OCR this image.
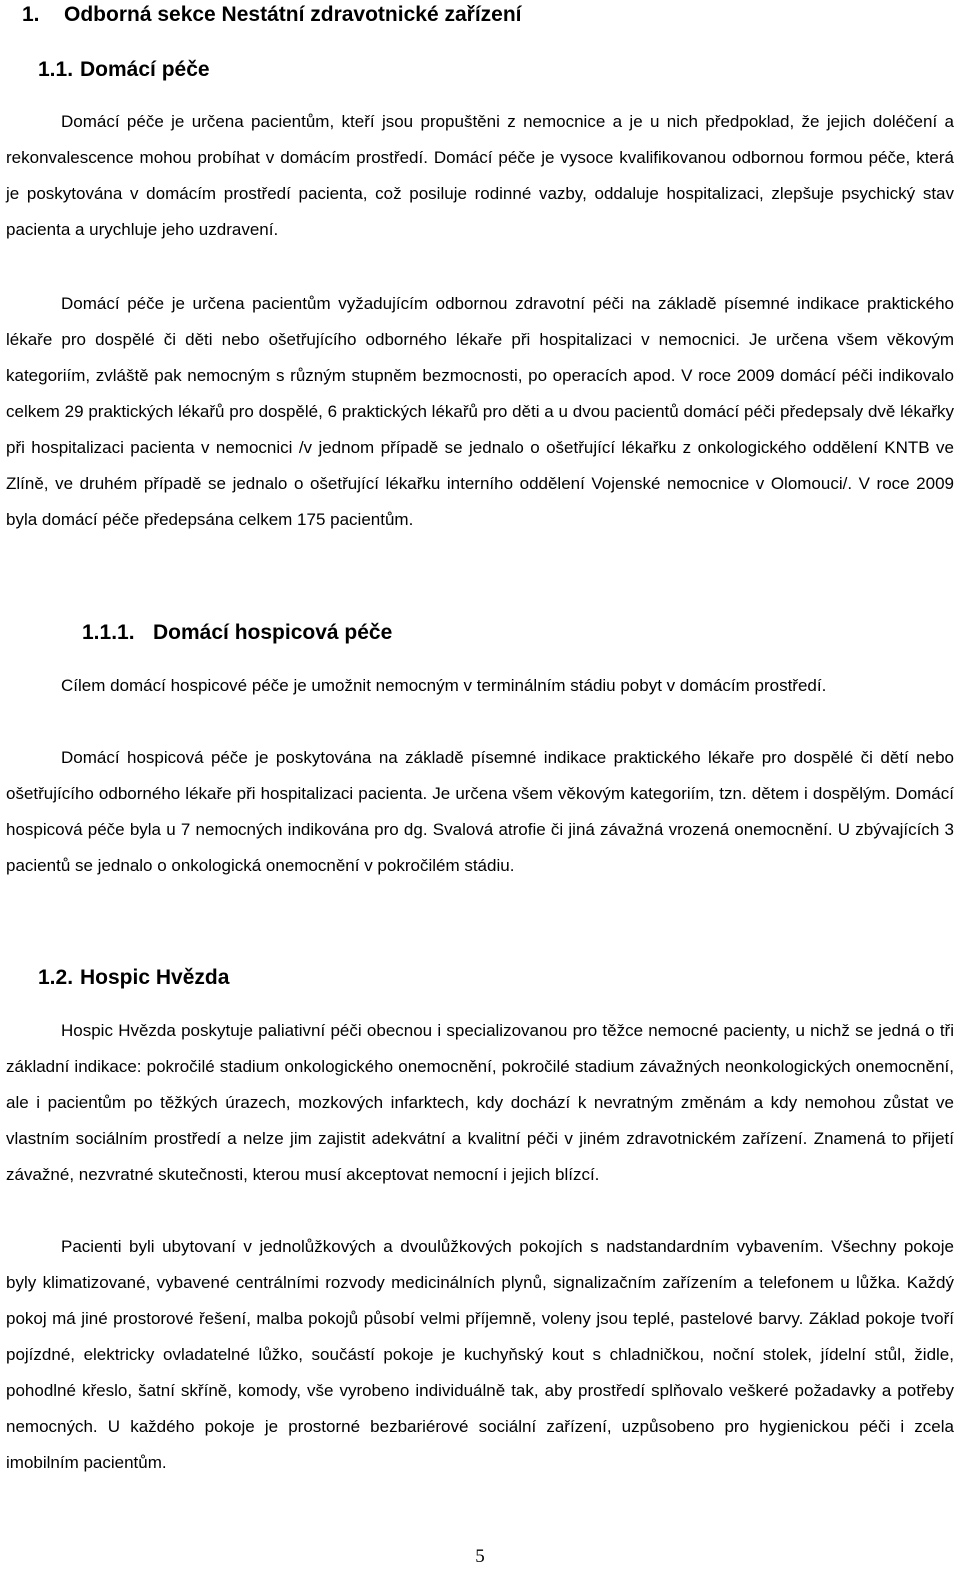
1. Odborná sekce Nestátní zdravotnické zařízení
1.1. Domácí péče

Domácí péče je určena pacientům, kteří jsou propuštěni z nemocnice a je u nich předpoklad, že jejich doléčení a rekonvalescence mohou probíhat v domácím prostředí. Domácí péče je vysoce kvalifikovanou odbornou formou péče, která je poskytována v domácím prostředí pacienta, což posiluje rodinné vazby, oddaluje hospitalizaci, zlepšuje psychický stav pacienta a urychluje jeho uzdravení.

Domácí péče je určena pacientům vyžadujícím odbornou zdravotní péči na základě písemné indikace praktického lékaře pro dospělé či děti nebo ošetřujícího odborného lékaře při hospitalizaci v nemocnici. Je určena všem věkovým kategoriím, zvláště pak nemocným s různým stupněm bezmocnosti, po operacích apod. V roce 2009 domácí péči indikovalo celkem 29 praktických lékařů pro dospělé, 6 praktických lékařů pro děti a u dvou pacientů domácí péči předepsaly dvě lékařky při hospitalizaci pacienta v nemocnici /v jednom případě se jednalo o ošetřující lékařku z onkologického oddělení KNTB ve Zlíně, ve druhém případě se jednalo o ošetřující lékařku interního oddělení Vojenské nemocnice v Olomouci/. V roce 2009 byla domácí péče předepsána celkem 175 pacientům.

1.1.1. Domácí hospicová péče

Cílem domácí hospicové péče je umožnit nemocným v terminálním stádiu pobyt v domácím prostředí.

Domácí hospicová péče je poskytována na základě písemné indikace praktického lékaře pro dospělé či dětí nebo ošetřujícího odborného lékaře při hospitalizaci pacienta. Je určena všem věkovým kategoriím, tzn. dětem i dospělým. Domácí hospicová péče byla u 7 nemocných indikována pro dg. Svalová atrofie či jiná závažná vrozená onemocnění. U zbývajících 3 pacientů se jednalo o onkologická onemocnění v pokročilém stádiu.

1.2. Hospic Hvězda

Hospic Hvězda poskytuje paliativní péči obecnou i specializovanou pro těžce nemocné pacienty, u nichž se jedná o tři základní indikace: pokročilé stadium onkologického onemocnění, pokročilé stadium závažných neonkologických onemocnění, ale i pacientům po těžkých úrazech, mozkových infarktech, kdy dochází k nevratným změnám a kdy nemohou zůstat ve vlastním sociálním prostředí a nelze jim zajistit adekvátní a kvalitní péči v jiném zdravotnickém zařízení. Znamená to přijetí závažné, nezvratné skutečnosti, kterou musí akceptovat nemocní i jejich blízcí.

Pacienti byli ubytovaní v jednolůžkových a dvoulůžkových pokojích s nadstandardním vybavením. Všechny pokoje byly klimatizované, vybavené centrálními rozvody medicinálních plynů, signalizačním zařízením a telefonem u lůžka. Každý pokoj má jiné prostorové řešení, malba pokojů působí velmi příjemně, voleny jsou teplé, pastelové barvy. Základ pokoje tvoří pojízdné, elektricky ovladatelné lůžko, součástí pokoje je kuchyňský kout s chladničkou, noční stolek, jídelní stůl, židle, pohodlné křeslo, šatní skříně, komody, vše vyrobeno individuálně tak, aby prostředí splňovalo veškeré požadavky a potřeby nemocných. U každého pokoje je prostorné bezbariérové sociální zařízení, uzpůsobeno pro hygienickou péči i zcela imobilním pacientům.

5
